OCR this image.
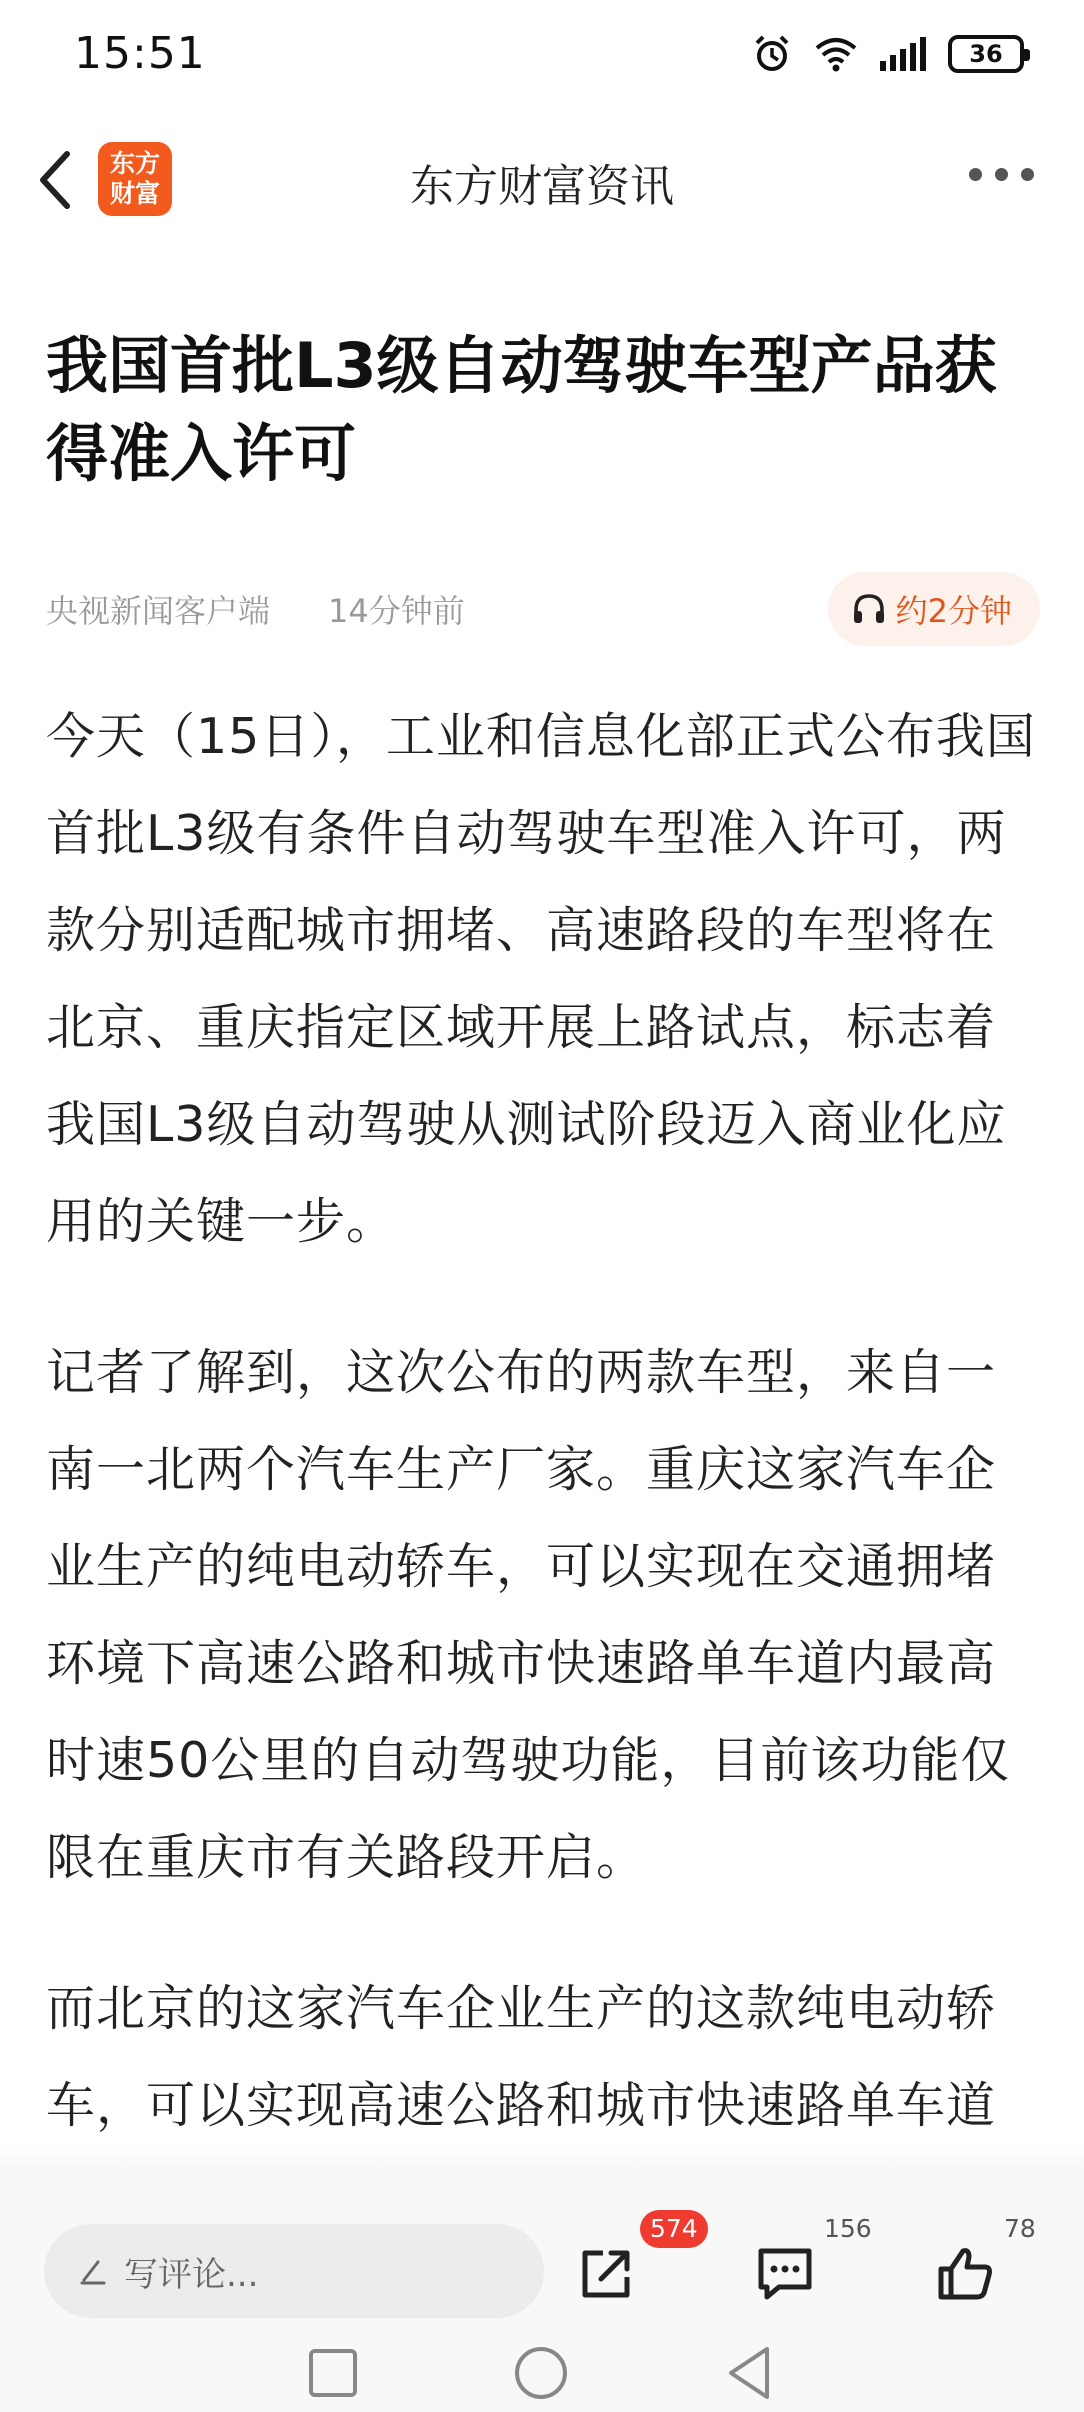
15:51	36
东方
财富	东方财富资讯
我国首批L3级自动驾驶车型产品获得准入许可
央视新闻客户端 14分钟前	约2分钟

今天（15日），工业和信息化部正式公布我国首批L3级有条件自动驾驶车型准入许可，两款分别适配城市拥堵、高速路段的车型将在北京、重庆指定区域开展上路试点，标志着我国L3级自动驾驶从测试阶段迈入商业化应用的关键一步。

记者了解到，这次公布的两款车型，来自一南一北两个汽车生产厂家。重庆这家汽车企业生产的纯电动轿车，可以实现在交通拥堵环境下高速公路和城市快速路单车道内最高时速50公里的自动驾驶功能，目前该功能仅限在重庆市有关路段开启。

而北京的这家汽车企业生产的这款纯电动轿车，可以实现高速公路和城市快速路单车道

写评论...
574	156	78
